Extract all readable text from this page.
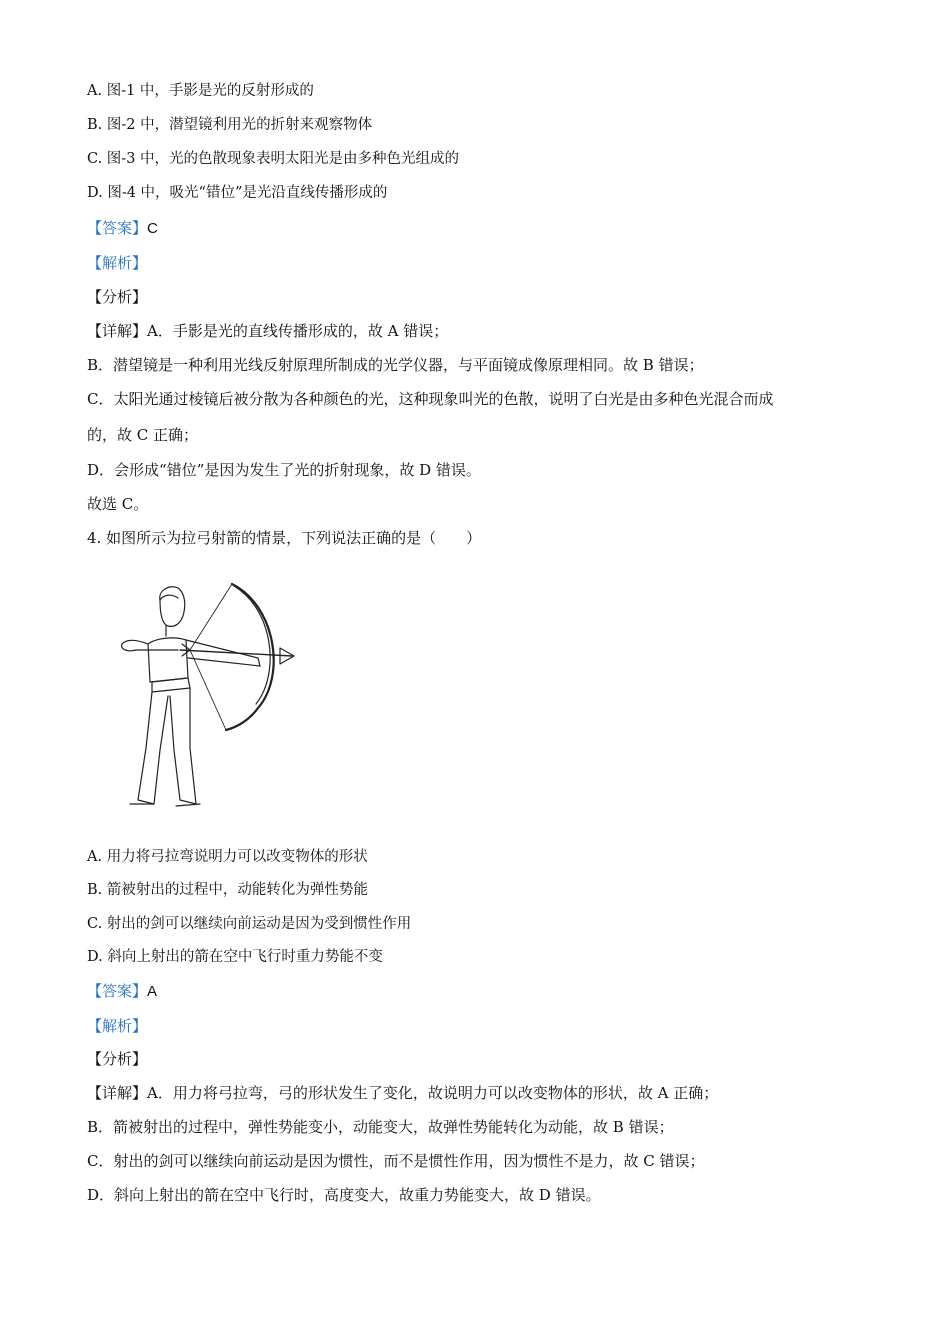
A. 图-1 中，手影是光的反射形成的
B. 图-2 中，潜望镜利用光的折射来观察物体
C. 图-3 中，光的色散现象表明太阳光是由多种色光组成的
D. 图-4 中，吸光“错位”是光沿直线传播形成的
【答案】C
【解析】
【分析】
【详解】A．手影是光的直线传播形成的，故 A 错误；
B．潜望镜是一种利用光线反射原理所制成的光学仪器，与平面镜成像原理相同。故 B 错误；
C．太阳光通过棱镜后被分散为各种颜色的光，这种现象叫光的色散，说明了白光是由多种色光混合而成
的，故 C 正确；
D．会形成“错位”是因为发生了光的折射现象，故 D 错误。
故选 C。
4. 如图所示为拉弓射箭的情景，下列说法正确的是（　　）
A. 用力将弓拉弯说明力可以改变物体的形状
B. 箭被射出的过程中，动能转化为弹性势能
C. 射出的剑可以继续向前运动是因为受到惯性作用
D. 斜向上射出的箭在空中飞行时重力势能不变
【答案】A
【解析】
【分析】
【详解】A．用力将弓拉弯，弓的形状发生了变化，故说明力可以改变物体的形状，故 A 正确；
B．箭被射出的过程中，弹性势能变小，动能变大，故弹性势能转化为动能，故 B 错误；
C．射出的剑可以继续向前运动是因为惯性，而不是惯性作用，因为惯性不是力，故 C 错误；
D．斜向上射出的箭在空中飞行时，高度变大，故重力势能变大，故 D 错误。
